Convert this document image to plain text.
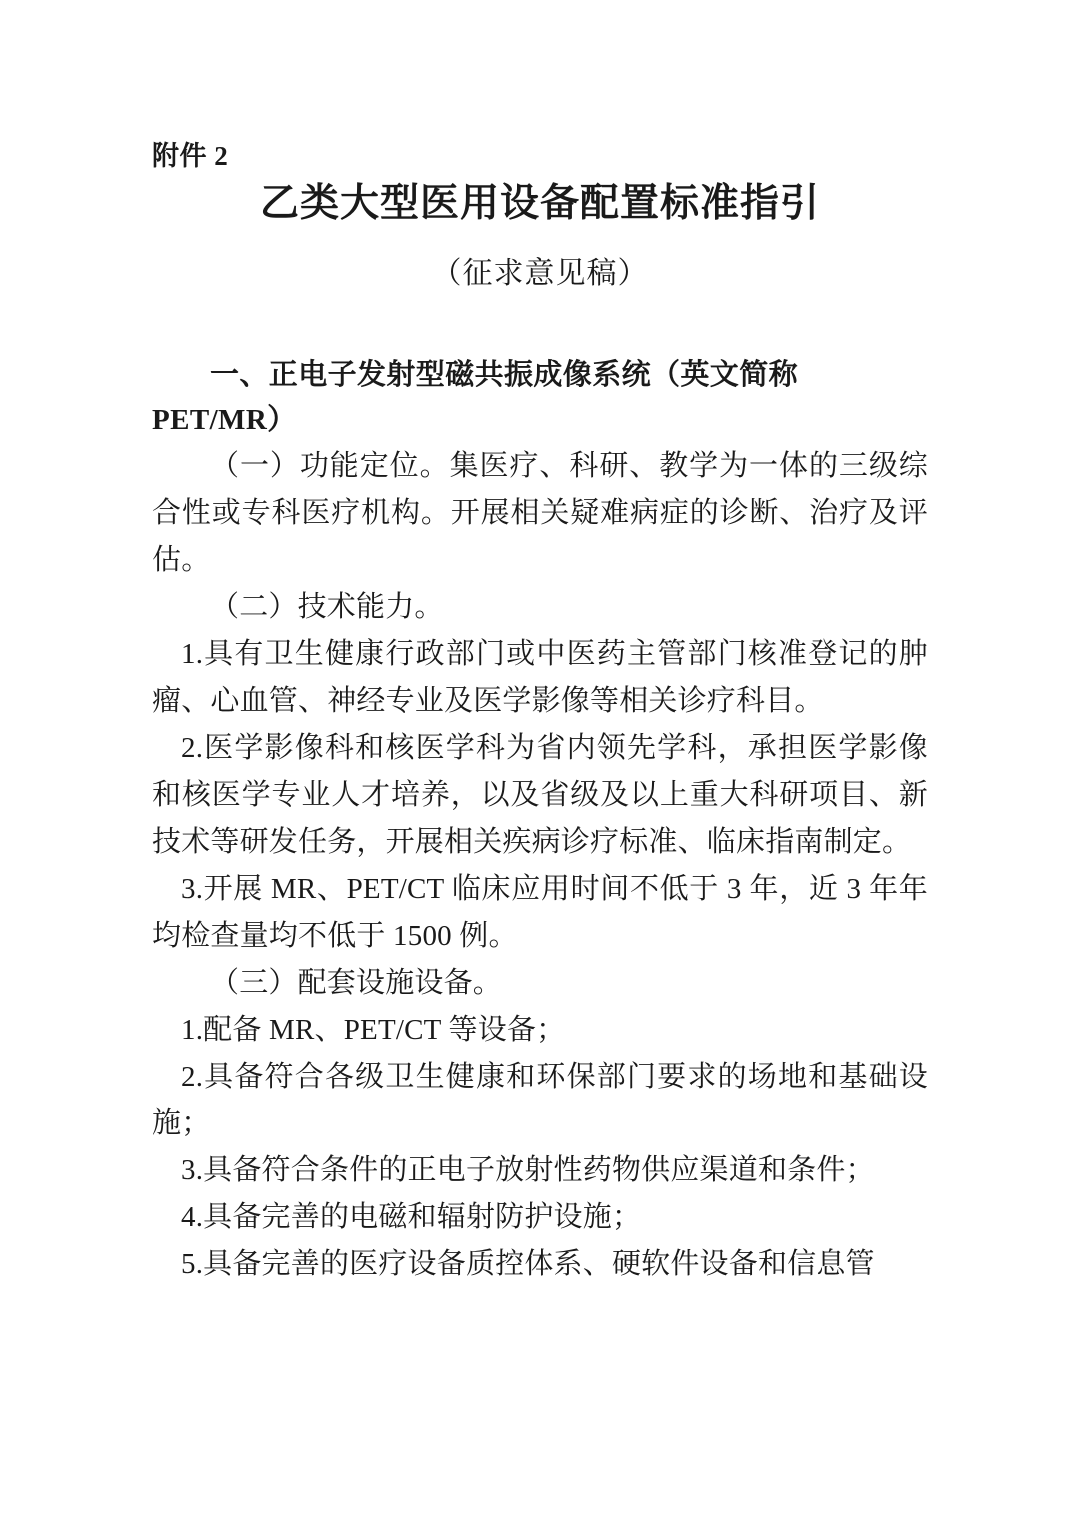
附件 2
乙类大型医用设备配置标准指引
（征求意见稿）
一、正电子发射型磁共振成像系统（英文简称 PET/MR）

（一）功能定位。集医疗、科研、教学为一体的三级综合性或专科医疗机构。开展相关疑难病症的诊断、治疗及评估。

（二）技术能力。

1.具有卫生健康行政部门或中医药主管部门核准登记的肿瘤、心血管、神经专业及医学影像等相关诊疗科目。

2.医学影像科和核医学科为省内领先学科，承担医学影像和核医学专业人才培养，以及省级及以上重大科研项目、新技术等研发任务，开展相关疾病诊疗标准、临床指南制定。

3.开展 MR、PET/CT 临床应用时间不低于 3 年，近 3 年年均检查量均不低于 1500 例。

（三）配套设施设备。

1.配备 MR、PET/CT 等设备；

2.具备符合各级卫生健康和环保部门要求的场地和基础设施；

3.具备符合条件的正电子放射性药物供应渠道和条件；

4.具备完善的电磁和辐射防护设施；

5.具备完善的医疗设备质控体系、硬软件设备和信息管
